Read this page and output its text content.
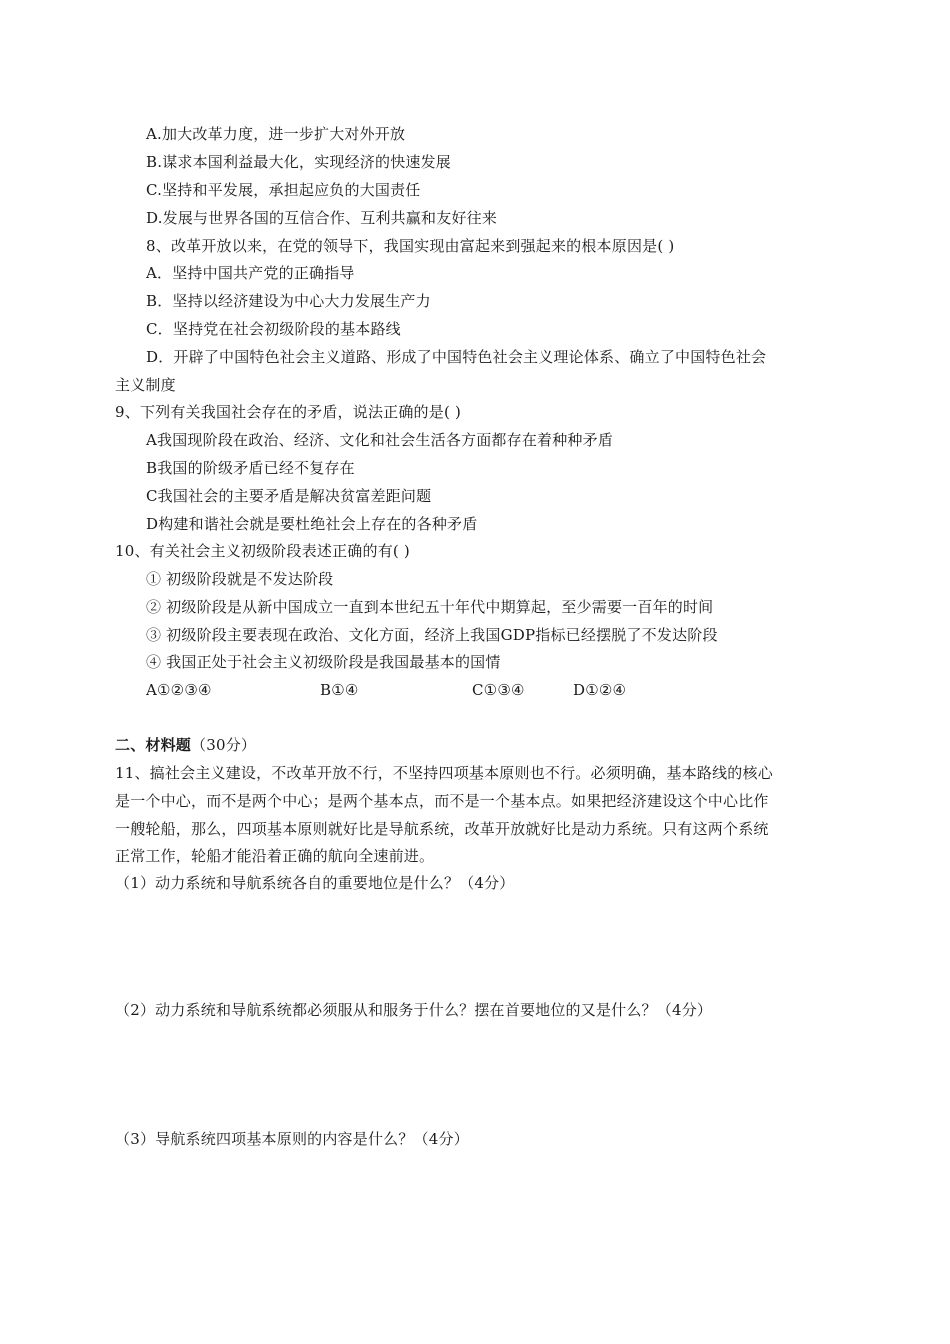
A.加大改革力度，进一步扩大对外开放
B.谋求本国利益最大化，实现经济的快速发展
C.坚持和平发展，承担起应负的大国责任
D.发展与世界各国的互信合作、互利共赢和友好往来
8、改革开放以来，在党的领导下，我国实现由富起来到强起来的根本原因是( )
A．坚持中国共产党的正确指导
B．坚持以经济建设为中心大力发展生产力
C．坚持党在社会初级阶段的基本路线
D．开辟了中国特色社会主义道路、形成了中国特色社会主义理论体系、确立了中国特色社会
主义制度
9、下列有关我国社会存在的矛盾，说法正确的是( )
A我国现阶段在政治、经济、文化和社会生活各方面都存在着种种矛盾
B我国的阶级矛盾已经不复存在
C我国社会的主要矛盾是解决贫富差距问题
D构建和谐社会就是要杜绝社会上存在的各种矛盾
10、有关社会主义初级阶段表述正确的有( )
① 初级阶段就是不发达阶段
② 初级阶段是从新中国成立一直到本世纪五十年代中期算起，至少需要一百年的时间
③ 初级阶段主要表现在政治、文化方面，经济上我国GDP指标已经摆脱了不发达阶段
④ 我国正处于社会主义初级阶段是我国最基本的国情
A①②③④	B①④	C①③④	D①②④
二、材料题（30分）
11、搞社会主义建设，不改革开放不行，不坚持四项基本原则也不行。必须明确，基本路线的核心
是一个中心，而不是两个中心；是两个基本点，而不是一个基本点。如果把经济建设这个中心比作
一艘轮船，那么，四项基本原则就好比是导航系统，改革开放就好比是动力系统。只有这两个系统
正常工作，轮船才能沿着正确的航向全速前进。
（1）动力系统和导航系统各自的重要地位是什么？（4分）
（2）动力系统和导航系统都必须服从和服务于什么？摆在首要地位的又是什么？（4分）
（3）导航系统四项基本原则的内容是什么？（4分）
